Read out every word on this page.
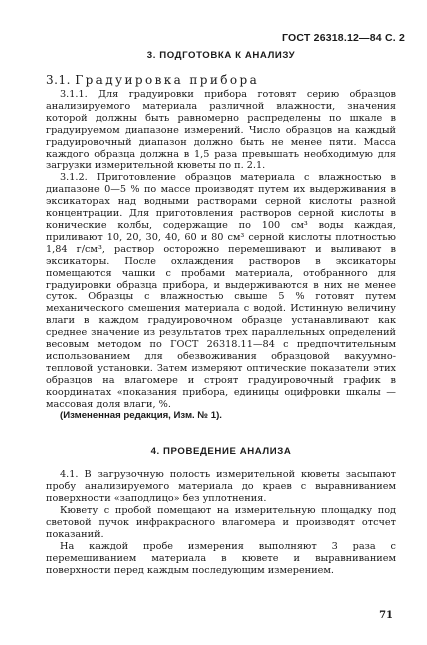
ГОСТ 26318.12—84 С. 2
3. ПОДГОТОВКА К АНАЛИЗУ
3.1. Градуировка прибора

3.1.1. Для градуировки прибора готовят серию образцов анализируемого материала различной влажности, значения которой должны быть равномерно распределены по шкале в градуируемом диапазоне измерений. Число образцов на каждый градуировочный диапазон должно быть не менее пяти. Масса каждого образца должна в 1,5 раза превышать необходимую для загрузки измерительной кюветы по п. 2.1.

3.1.2. Приготовление образцов материала с влажностью в диапазоне 0—5 % по массе производят путем их выдерживания в эксикаторах над водными растворами серной кислоты разной концентрации. Для приготовления растворов серной кислоты в конические колбы, содержащие по 100 см³ воды каждая, приливают 10, 20, 30, 40, 60 и 80 см³ серной кислоты плотностью 1,84 г/см³, раствор осторожно перемешивают и выливают в эксикаторы. После охлаждения растворов в эксикаторы помещаются чашки с пробами материала, отобранного для градуировки образца прибора, и выдерживаются в них не менее суток. Образцы с влажностью свыше 5 % готовят путем механического смешения материала с водой. Истинную величину влаги в каждом градуировочном образце устанавливают как среднее значение из результатов трех параллельных определений весовым методом по ГОСТ 26318.11—84 с предпочтительным использованием для обезвоживания образцовой вакуумно-тепловой установки. Затем измеряют оптические показатели этих образцов на влагомере и строят градуировочный график в координатах «показания прибора, единицы оцифровки шкалы — массовая доля влаги, %.

(Измененная редакция, Изм. № 1).

4. ПРОВЕДЕНИЕ АНАЛИЗА

4.1. В загрузочную полость измерительной кюветы засыпают пробу анализируемого материала до краев с выравниванием поверхности «заподлицо» без уплотнения.

Кювету с пробой помещают на измерительную площадку под световой пучок инфракрасного влагомера и производят отсчет показаний.

На каждой пробе измерения выполняют 3 раза с перемешиванием материала в кювете и выравниванием поверхности перед каждым последующим измерением.

71
